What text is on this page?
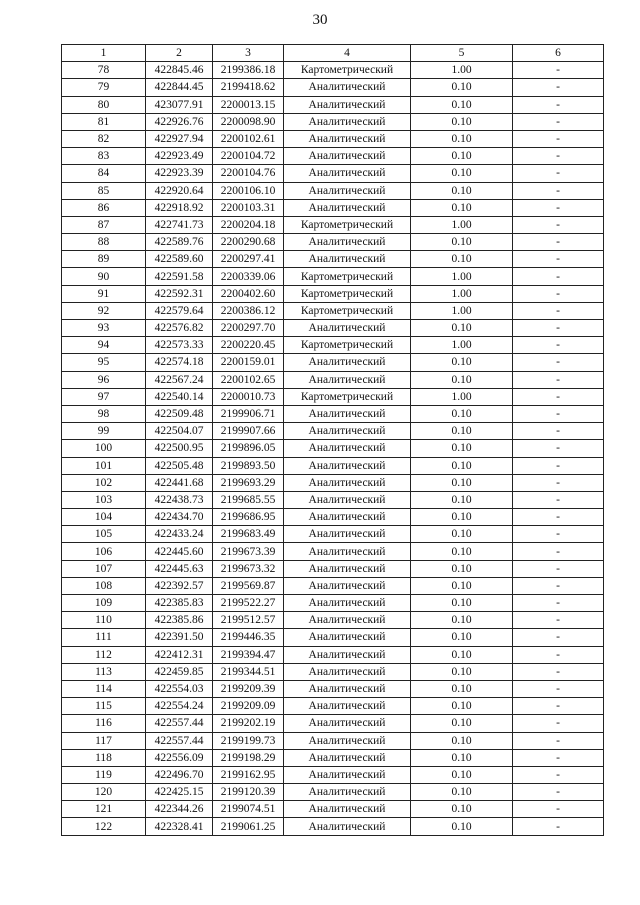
30
1	2	3	4	5	6
78	422845.46	2199386.18	Картометрический	1.00	-
79	422844.45	2199418.62	Аналитический	0.10	-
80	423077.91	2200013.15	Аналитический	0.10	-
81	422926.76	2200098.90	Аналитический	0.10	-
82	422927.94	2200102.61	Аналитический	0.10	-
83	422923.49	2200104.72	Аналитический	0.10	-
84	422923.39	2200104.76	Аналитический	0.10	-
85	422920.64	2200106.10	Аналитический	0.10	-
86	422918.92	2200103.31	Аналитический	0.10	-
87	422741.73	2200204.18	Картометрический	1.00	-
88	422589.76	2200290.68	Аналитический	0.10	-
89	422589.60	2200297.41	Аналитический	0.10	-
90	422591.58	2200339.06	Картометрический	1.00	-
91	422592.31	2200402.60	Картометрический	1.00	-
92	422579.64	2200386.12	Картометрический	1.00	-
93	422576.82	2200297.70	Аналитический	0.10	-
94	422573.33	2200220.45	Картометрический	1.00	-
95	422574.18	2200159.01	Аналитический	0.10	-
96	422567.24	2200102.65	Аналитический	0.10	-
97	422540.14	2200010.73	Картометрический	1.00	-
98	422509.48	2199906.71	Аналитический	0.10	-
99	422504.07	2199907.66	Аналитический	0.10	-
100	422500.95	2199896.05	Аналитический	0.10	-
101	422505.48	2199893.50	Аналитический	0.10	-
102	422441.68	2199693.29	Аналитический	0.10	-
103	422438.73	2199685.55	Аналитический	0.10	-
104	422434.70	2199686.95	Аналитический	0.10	-
105	422433.24	2199683.49	Аналитический	0.10	-
106	422445.60	2199673.39	Аналитический	0.10	-
107	422445.63	2199673.32	Аналитический	0.10	-
108	422392.57	2199569.87	Аналитический	0.10	-
109	422385.83	2199522.27	Аналитический	0.10	-
110	422385.86	2199512.57	Аналитический	0.10	-
111	422391.50	2199446.35	Аналитический	0.10	-
112	422412.31	2199394.47	Аналитический	0.10	-
113	422459.85	2199344.51	Аналитический	0.10	-
114	422554.03	2199209.39	Аналитический	0.10	-
115	422554.24	2199209.09	Аналитический	0.10	-
116	422557.44	2199202.19	Аналитический	0.10	-
117	422557.44	2199199.73	Аналитический	0.10	-
118	422556.09	2199198.29	Аналитический	0.10	-
119	422496.70	2199162.95	Аналитический	0.10	-
120	422425.15	2199120.39	Аналитический	0.10	-
121	422344.26	2199074.51	Аналитический	0.10	-
122	422328.41	2199061.25	Аналитический	0.10	-
